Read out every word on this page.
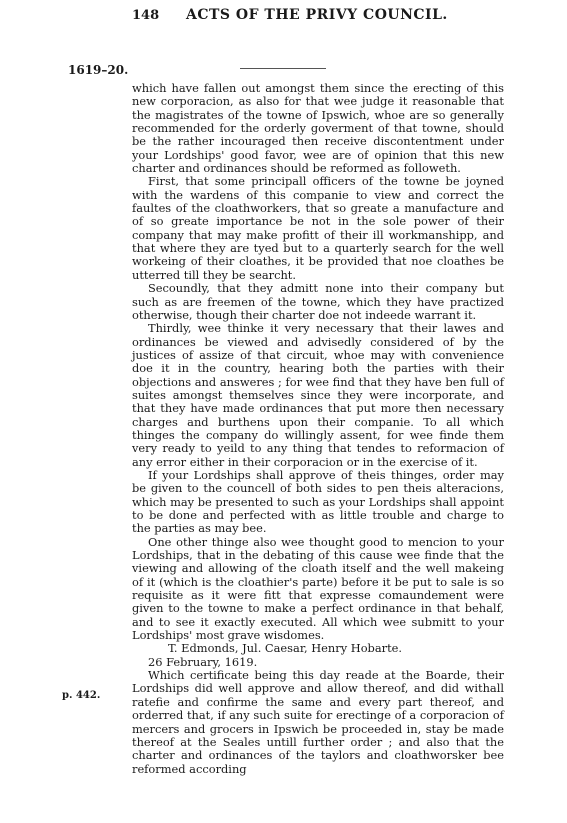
148 ACTS OF THE PRIVY COUNCIL.
1619–20.
p. 442.

which have fallen out amongst them since the erecting of this new corporacion, as also for that wee judge it reasonable that the magistrates of the towne of Ipswich, whoe are so generally recommended for the orderly goverment of that towne, should be the rather incouraged then receive discontentment under your Lordships' good favor, wee are of opinion that this new charter and ordinances should be reformed as followeth.

First, that some principall officers of the towne be joyned with the wardens of this companie to view and correct the faultes of the cloathworkers, that so greate a manufacture and of so greate importance be not in the sole power of their company that may make profitt of their ill workmanshipp, and that where they are tyed but to a quarterly search for the well workeing of their cloathes, it be provided that noe cloathes be utterred till they be searcht.

Secoundly, that they admitt none into their company but such as are freemen of the towne, which they have practized otherwise, though their charter doe not indeede warrant it.

Thirdly, wee thinke it very necessary that their lawes and ordinances be viewed and advisedly considered of by the justices of assize of that circuit, whoe may with convenience doe it in the country, hearing both the parties with their objections and answeres ; for wee find that they have ben full of suites amongst themselves since they were incorporate, and that they have made ordinances that put more then necessary charges and burthens upon their companie. To all which thinges the company do willingly assent, for wee finde them very ready to yeild to any thing that tendes to reformacion of any error either in their corporacion or in the exercise of it.

If your Lordships shall approve of theis thinges, order may be given to the councell of both sides to pen theis alteracions, which may be presented to such as your Lordships shall appoint to be done and perfected with as little trouble and charge to the parties as may bee.

One other thinge also wee thought good to mencion to your Lordships, that in the debating of this cause wee finde that the viewing and allowing of the cloath itself and the well makeing of it (which is the cloathier's parte) before it be put to sale is so requisite as it were fitt that expresse comaundement were given to the towne to make a perfect ordinance in that behalf, and to see it exactly executed. All which wee submitt to your Lordships' most grave wisdomes.

T. Edmonds, Jul. Caesar, Henry Hobarte.

26 February, 1619.

Which certificate being this day reade at the Boarde, their Lordships did well approve and allow thereof, and did withall ratefie and confirme the same and every part thereof, and orderred that, if any such suite for erectinge of a corporacion of mercers and grocers in Ipswich be proceeded in, stay be made thereof at the Seales untill further order ; and also that the charter and ordinances of the taylors and cloathworsker bee reformed according
